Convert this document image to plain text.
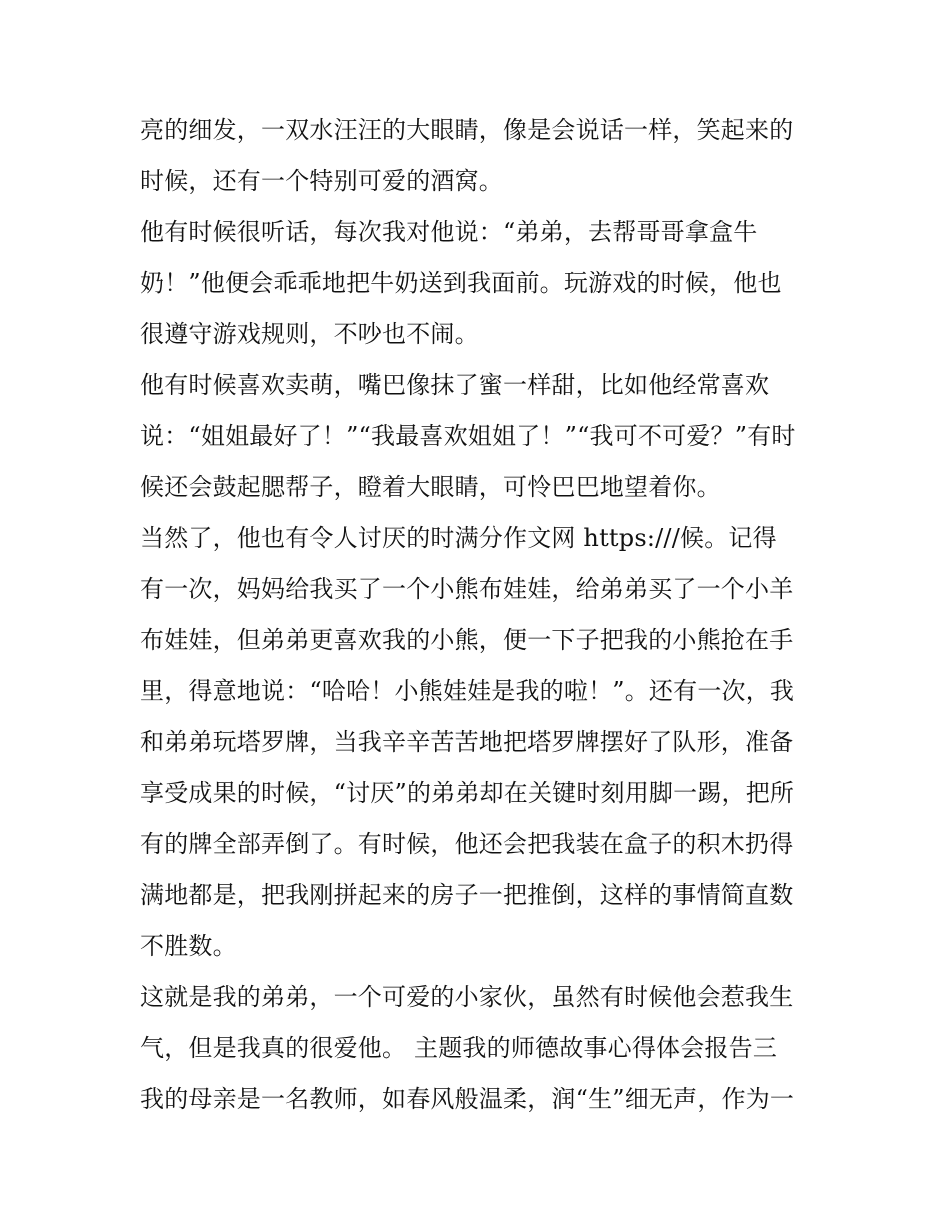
亮的细发，一双水汪汪的大眼睛，像是会说话一样，笑起来的
时候，还有一个特别可爱的酒窝。
他有时候很听话，每次我对他说：“弟弟，去帮哥哥拿盒牛
奶！”他便会乖乖地把牛奶送到我面前。玩游戏的时候，他也
很遵守游戏规则，不吵也不闹。
他有时候喜欢卖萌，嘴巴像抹了蜜一样甜，比如他经常喜欢
说：“姐姐最好了！”“我最喜欢姐姐了！”“我可不可爱？”有时
候还会鼓起腮帮子，瞪着大眼睛，可怜巴巴地望着你。
当然了，他也有令人讨厌的时满分作文网 https:///候。记得
有一次，妈妈给我买了一个小熊布娃娃，给弟弟买了一个小羊
布娃娃，但弟弟更喜欢我的小熊，便一下子把我的小熊抢在手
里，得意地说：“哈哈！小熊娃娃是我的啦！”。还有一次，我
和弟弟玩塔罗牌，当我辛辛苦苦地把塔罗牌摆好了队形，准备
享受成果的时候，“讨厌”的弟弟却在关键时刻用脚一踢，把所
有的牌全部弄倒了。有时候，他还会把我装在盒子的积木扔得
满地都是，把我刚拼起来的房子一把推倒，这样的事情简直数
不胜数。
这就是我的弟弟，一个可爱的小家伙，虽然有时候他会惹我生
气，但是我真的很爱他。 主题我的师德故事心得体会报告三
我的母亲是一名教师，如春风般温柔，润“生”细无声，作为一
